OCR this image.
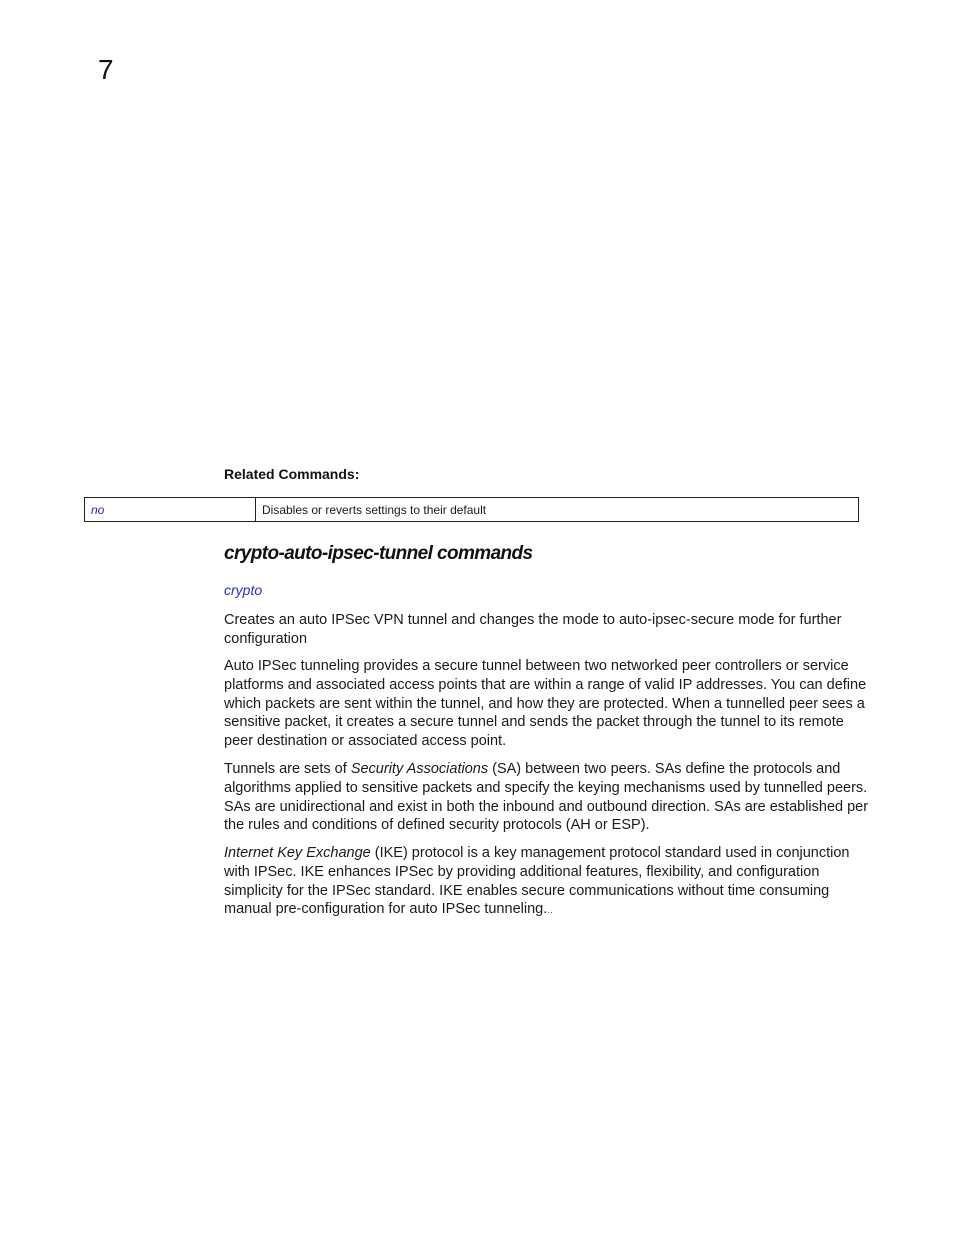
7
Related Commands:
no	Disables or reverts settings to their default
crypto-auto-ipsec-tunnel commands
crypto

Creates an auto IPSec VPN tunnel and changes the mode to auto-ipsec-secure mode for further configuration

Auto IPSec tunneling provides a secure tunnel between two networked peer controllers or service platforms and associated access points that are within a range of valid IP addresses. You can define which packets are sent within the tunnel, and how they are protected. When a tunnelled peer sees a sensitive packet, it creates a secure tunnel and sends the packet through the tunnel to its remote peer destination or associated access point.

Tunnels are sets of Security Associations (SA) between two peers. SAs define the protocols and algorithms applied to sensitive packets and specify the keying mechanisms used by tunnelled peers. SAs are unidirectional and exist in both the inbound and outbound direction. SAs are established per the rules and conditions of defined security protocols (AH or ESP).

Internet Key Exchange (IKE) protocol is a key management protocol standard used in conjunction with IPSec. IKE enhances IPSec by providing additional features, flexibility, and configuration simplicity for the IPSec standard. IKE enables secure communications without time consuming manual pre-configuration for auto IPSec tunneling...
